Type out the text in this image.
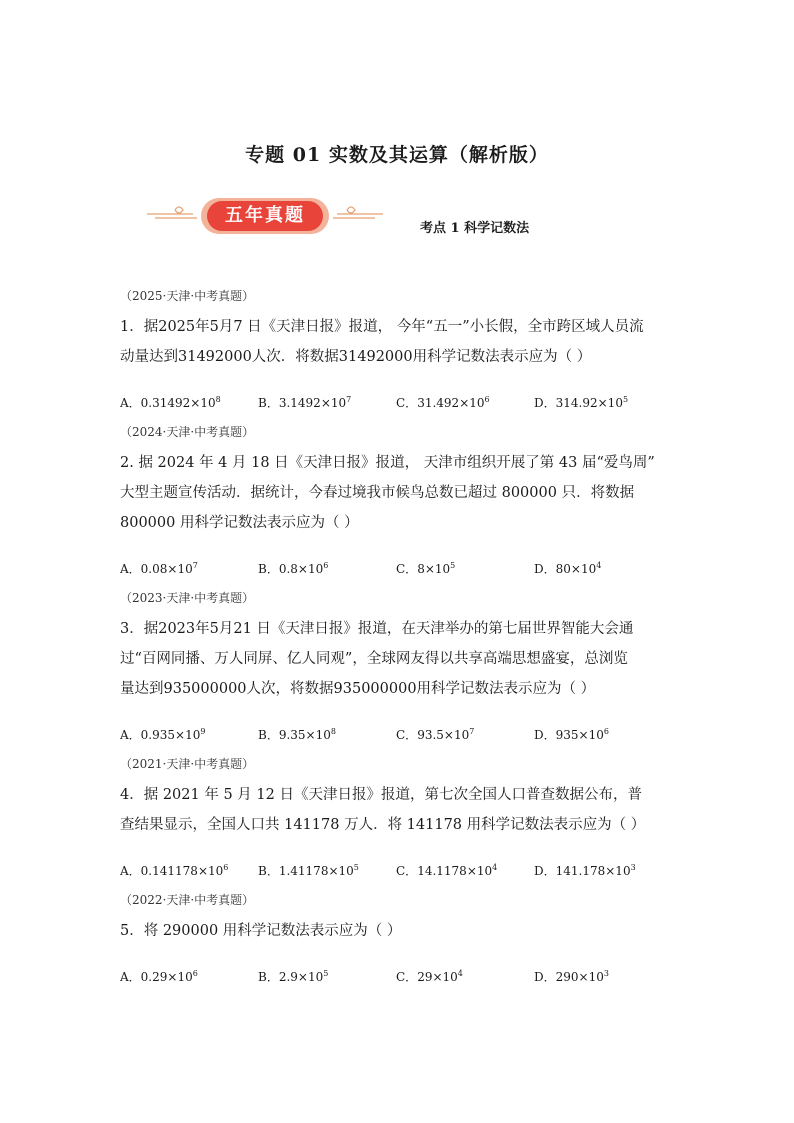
专题 01 实数及其运算（解析版）
五年真题
考点 1 科学记数法
（2025·天津·中考真题）
1．据2025年5月7 日《天津日报》报道， 今年“五一”小长假，全市跨区域人员流
动量达到31492000人次．将数据31492000用科学记数法表示应为（ ）
A．$0.31492\times 10^8$	B．$3.1492\times 10^7$	C．$31.492\times 10^6$	D．$314.92\times 10^5$
（2024·天津·中考真题）
2. 据 2024 年 4 月 18 日《天津日报》报道， 天津市组织开展了第 43 届“爱鸟周”
大型主题宣传活动．据统计，今春过境我市候鸟总数已超过 800000 只．将数据
800000 用科学记数法表示应为（ ）
A．$0.08\times 10^7$	B．$0.8\times 10^6$	C．$8\times 10^5$	D．$80\times 10^4$
（2023·天津·中考真题）
3．据2023年5月21 日《天津日报》报道，在天津举办的第七届世界智能大会通
过“百网同播、万人同屏、亿人同观”，全球网友得以共享高端思想盛宴，总浏览
量达到935000000人次，将数据935000000用科学记数法表示应为（ ）
A．$0.935\times 10^9$	B．$9.35\times 10^8$	C．$93.5\times 10^7$	D．$935\times 10^6$
（2021·天津·中考真题）
4．据 2021 年 5 月 12 日《天津日报》报道，第七次全国人口普查数据公布，普
查结果显示，全国人口共 141178 万人．将 141178 用科学记数法表示应为（ ）
A．$0.141178\times 10^6$	B．$1.41178\times 10^5$	C．$14.1178\times 10^4$	D．$141.178\times 10^3$
（2022·天津·中考真题）
5．将 290000 用科学记数法表示应为（ ）
A．$0.29\times 10^6$	B．$2.9\times 10^5$	C．$29\times 10^4$	D．$290\times 10^3$
